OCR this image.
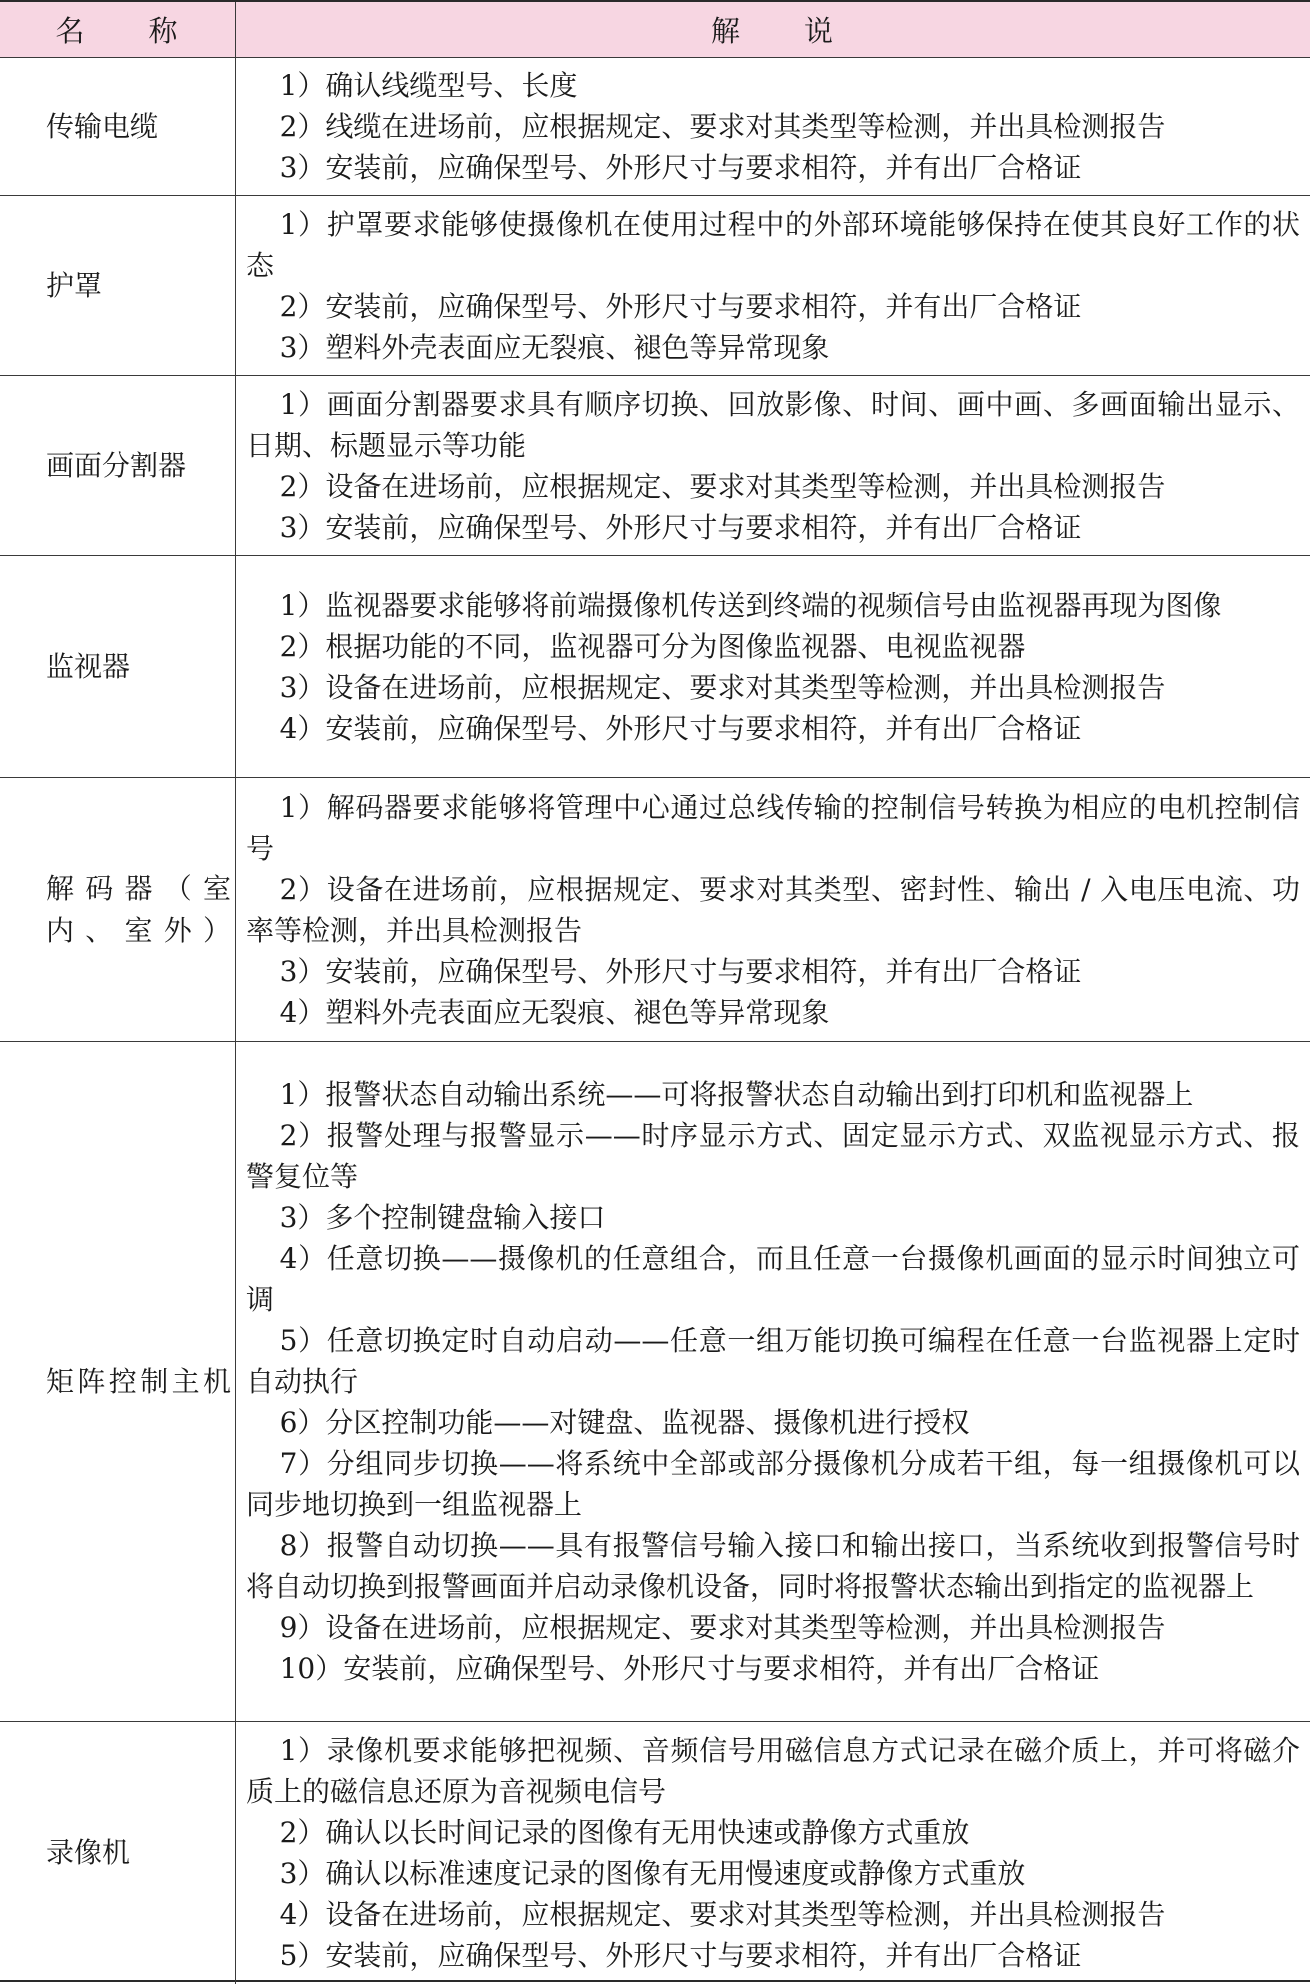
名　　称	解　　说
传输电缆
1）确认线缆型号、长度
2）线缆在进场前，应根据规定、要求对其类型等检测，并出具检测报告
3）安装前，应确保型号、外形尺寸与要求相符，并有出厂合格证
护罩
1）护罩要求能够使摄像机在使用过程中的外部环境能够保持在使其良好工作的状态
2）安装前，应确保型号、外形尺寸与要求相符，并有出厂合格证
3）塑料外壳表面应无裂痕、褪色等异常现象
画面分割器
1）画面分割器要求具有顺序切换、回放影像、时间、画中画、多画面输出显示、日期、标题显示等功能
2）设备在进场前，应根据规定、要求对其类型等检测，并出具检测报告
3）安装前，应确保型号、外形尺寸与要求相符，并有出厂合格证
监视器
1）监视器要求能够将前端摄像机传送到终端的视频信号由监视器再现为图像
2）根据功能的不同，监视器可分为图像监视器、电视监视器
3）设备在进场前，应根据规定、要求对其类型等检测，并出具检测报告
4）安装前，应确保型号、外形尺寸与要求相符，并有出厂合格证
解码器（室内、室外）
1）解码器要求能够将管理中心通过总线传输的控制信号转换为相应的电机控制信号
2）设备在进场前，应根据规定、要求对其类型、密封性、输出 / 入电压电流、功率等检测，并出具检测报告
3）安装前，应确保型号、外形尺寸与要求相符，并有出厂合格证
4）塑料外壳表面应无裂痕、褪色等异常现象
矩阵控制主机
1）报警状态自动输出系统——可将报警状态自动输出到打印机和监视器上
2）报警处理与报警显示——时序显示方式、固定显示方式、双监视显示方式、报警复位等
3）多个控制键盘输入接口
4）任意切换——摄像机的任意组合，而且任意一台摄像机画面的显示时间独立可调
5）任意切换定时自动启动——任意一组万能切换可编程在任意一台监视器上定时自动执行
6）分区控制功能——对键盘、监视器、摄像机进行授权
7）分组同步切换——将系统中全部或部分摄像机分成若干组，每一组摄像机可以同步地切换到一组监视器上
8）报警自动切换——具有报警信号输入接口和输出接口，当系统收到报警信号时将自动切换到报警画面并启动录像机设备，同时将报警状态输出到指定的监视器上
9）设备在进场前，应根据规定、要求对其类型等检测，并出具检测报告
10）安装前，应确保型号、外形尺寸与要求相符，并有出厂合格证
录像机
1）录像机要求能够把视频、音频信号用磁信息方式记录在磁介质上，并可将磁介质上的磁信息还原为音视频电信号
2）确认以长时间记录的图像有无用快速或静像方式重放
3）确认以标准速度记录的图像有无用慢速度或静像方式重放
4）设备在进场前，应根据规定、要求对其类型等检测，并出具检测报告
5）安装前，应确保型号、外形尺寸与要求相符，并有出厂合格证
